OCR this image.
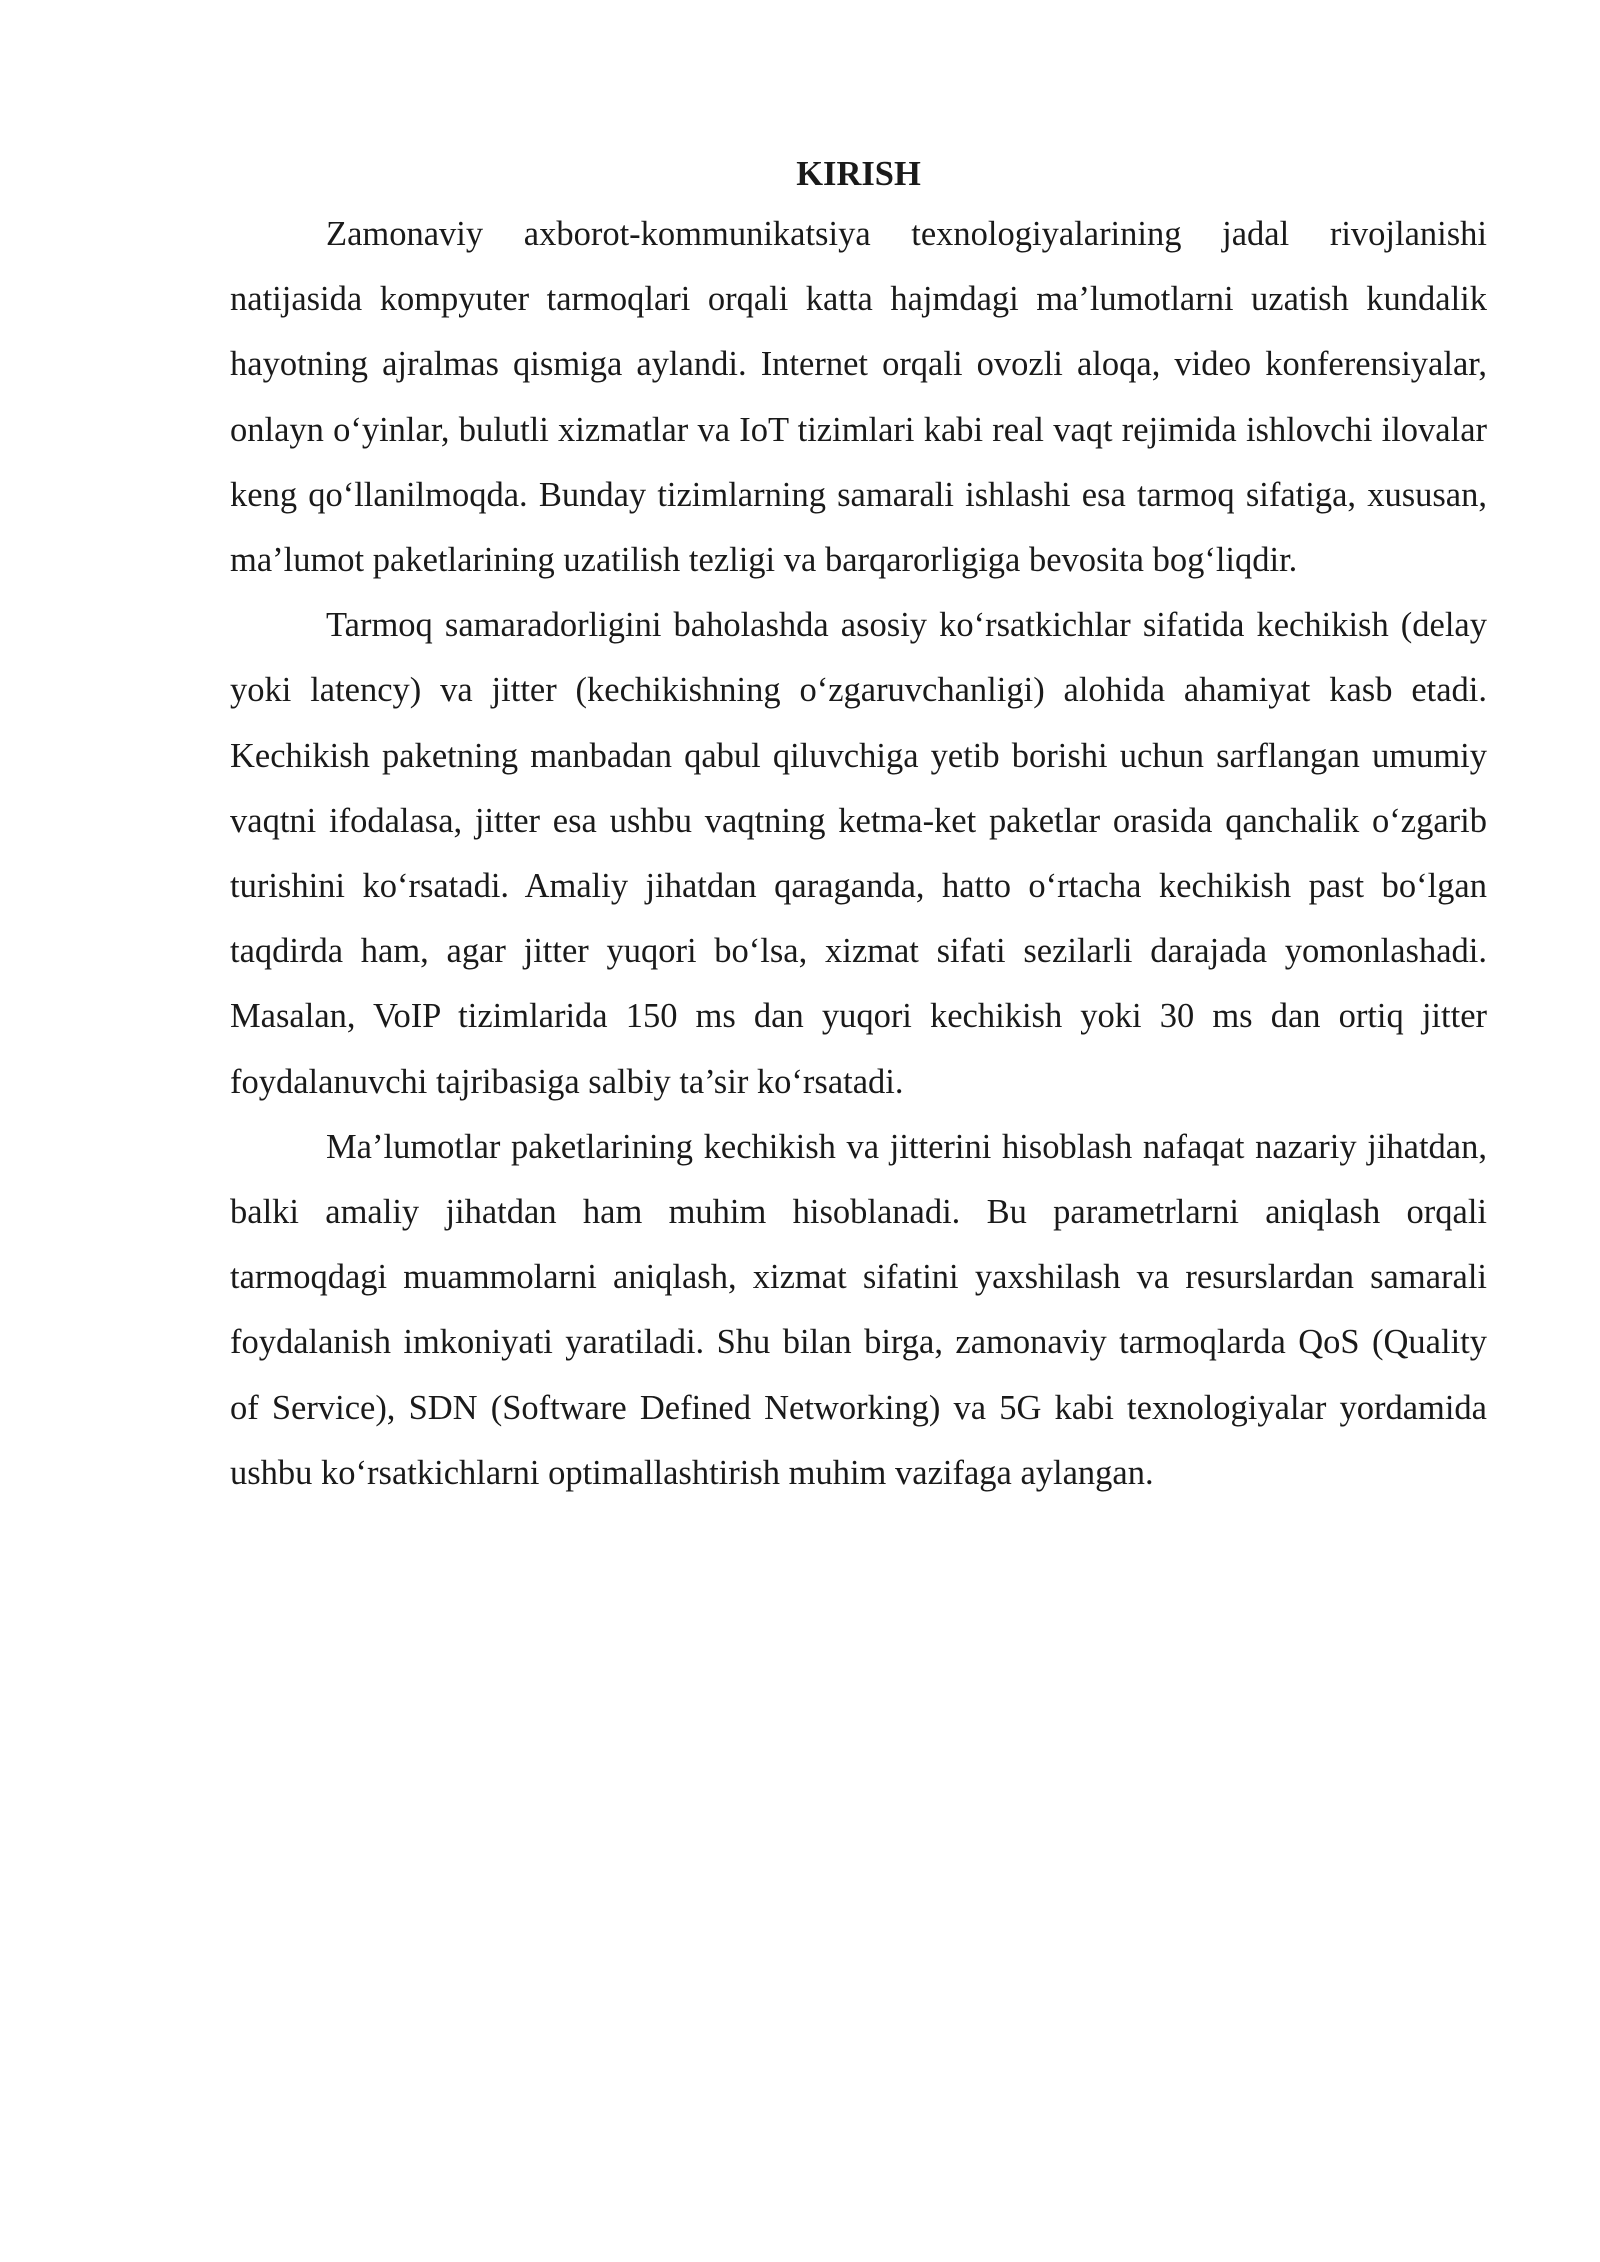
KIRISH

Zamonaviy axborot-kommunikatsiya texnologiyalarining jadal rivojlanishi natijasida kompyuter tarmoqlari orqali katta hajmdagi ma’lumotlarni uzatish kundalik hayotning ajralmas qismiga aylandi. Internet orqali ovozli aloqa, video konferensiyalar, onlayn o‘yinlar, bulutli xizmatlar va IoT tizimlari kabi real vaqt rejimida ishlovchi ilovalar keng qo‘llanilmoqda. Bunday tizimlarning samarali ishlashi esa tarmoq sifatiga, xususan, ma’lumot paketlarining uzatilish tezligi va barqarorligiga bevosita bog‘liqdir.

Tarmoq samaradorligini baholashda asosiy ko‘rsatkichlar sifatida kechikish (delay yoki latency) va jitter (kechikishning o‘zgaruvchanligi) alohida ahamiyat kasb etadi. Kechikish paketning manbadan qabul qiluvchiga yetib borishi uchun sarflangan umumiy vaqtni ifodalasa, jitter esa ushbu vaqtning ketma-ket paketlar orasida qanchalik o‘zgarib turishini ko‘rsatadi. Amaliy jihatdan qaraganda, hatto o‘rtacha kechikish past bo‘lgan taqdirda ham, agar jitter yuqori bo‘lsa, xizmat sifati sezilarli darajada yomonlashadi. Masalan, VoIP tizimlarida 150 ms dan yuqori kechikish yoki 30 ms dan ortiq jitter foydalanuvchi tajribasiga salbiy ta’sir ko‘rsatadi.

Ma’lumotlar paketlarining kechikish va jitterini hisoblash nafaqat nazariy jihatdan, balki amaliy jihatdan ham muhim hisoblanadi. Bu parametrlarni aniqlash orqali tarmoqdagi muammolarni aniqlash, xizmat sifatini yaxshilash va resurslardan samarali foydalanish imkoniyati yaratiladi. Shu bilan birga, zamonaviy tarmoqlarda QoS (Quality of Service), SDN (Software Defined Networking) va 5G kabi texnologiyalar yordamida ushbu ko‘rsatkichlarni optimallashtirish muhim vazifaga aylangan.
